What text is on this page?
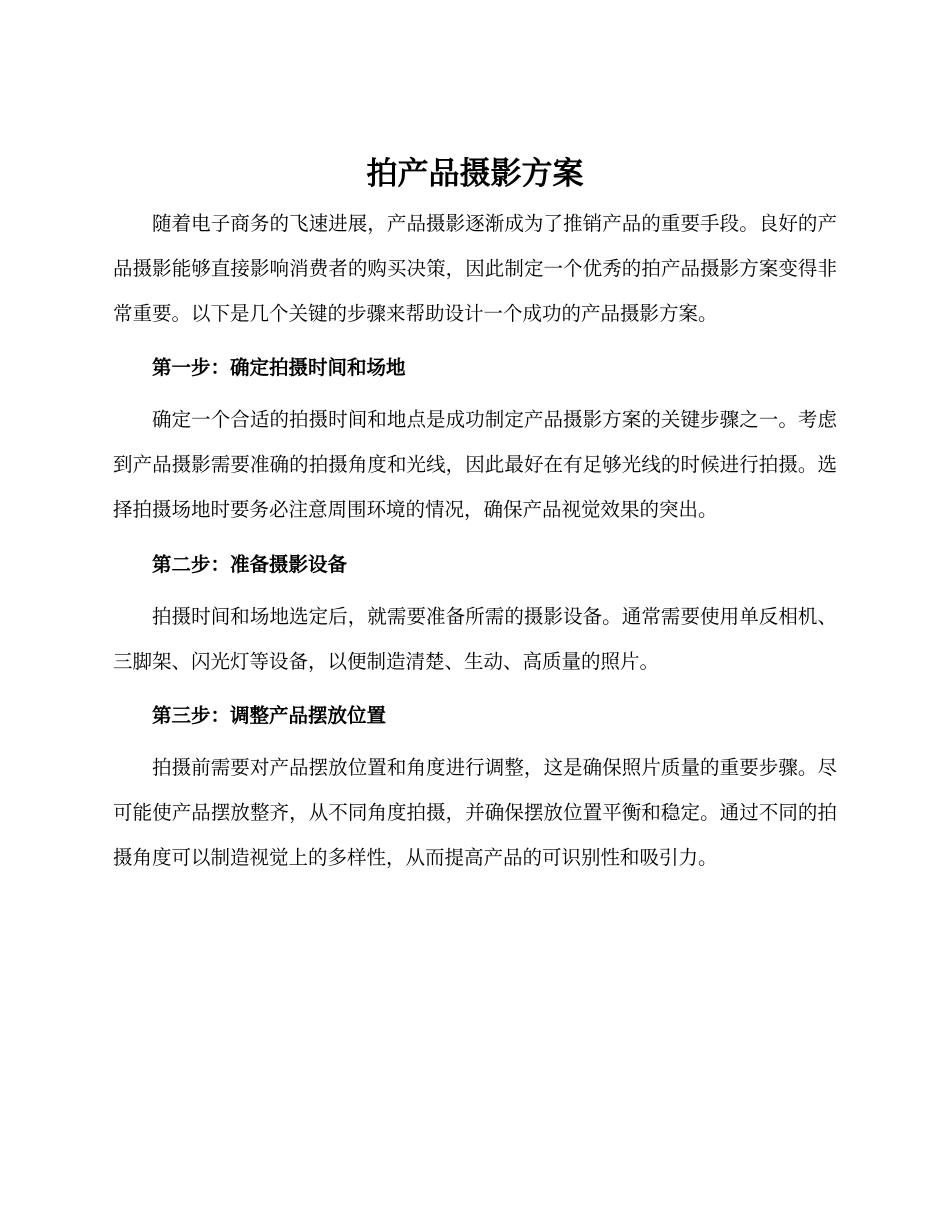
拍产品摄影方案

随着电子商务的飞速进展，产品摄影逐渐成为了推销产品的重要手段。良好的产品摄影能够直接影响消费者的购买决策，因此制定一个优秀的拍产品摄影方案变得非常重要。以下是几个关键的步骤来帮助设计一个成功的产品摄影方案。

第一步：确定拍摄时间和场地

确定一个合适的拍摄时间和地点是成功制定产品摄影方案的关键步骤之一。考虑到产品摄影需要准确的拍摄角度和光线，因此最好在有足够光线的时候进行拍摄。选择拍摄场地时要务必注意周围环境的情况，确保产品视觉效果的突出。

第二步：准备摄影设备

拍摄时间和场地选定后，就需要准备所需的摄影设备。通常需要使用单反相机、三脚架、闪光灯等设备，以便制造清楚、生动、高质量的照片。

第三步：调整产品摆放位置

拍摄前需要对产品摆放位置和角度进行调整，这是确保照片质量的重要步骤。尽可能使产品摆放整齐，从不同角度拍摄，并确保摆放位置平衡和稳定。通过不同的拍摄角度可以制造视觉上的多样性，从而提高产品的可识别性和吸引力。
